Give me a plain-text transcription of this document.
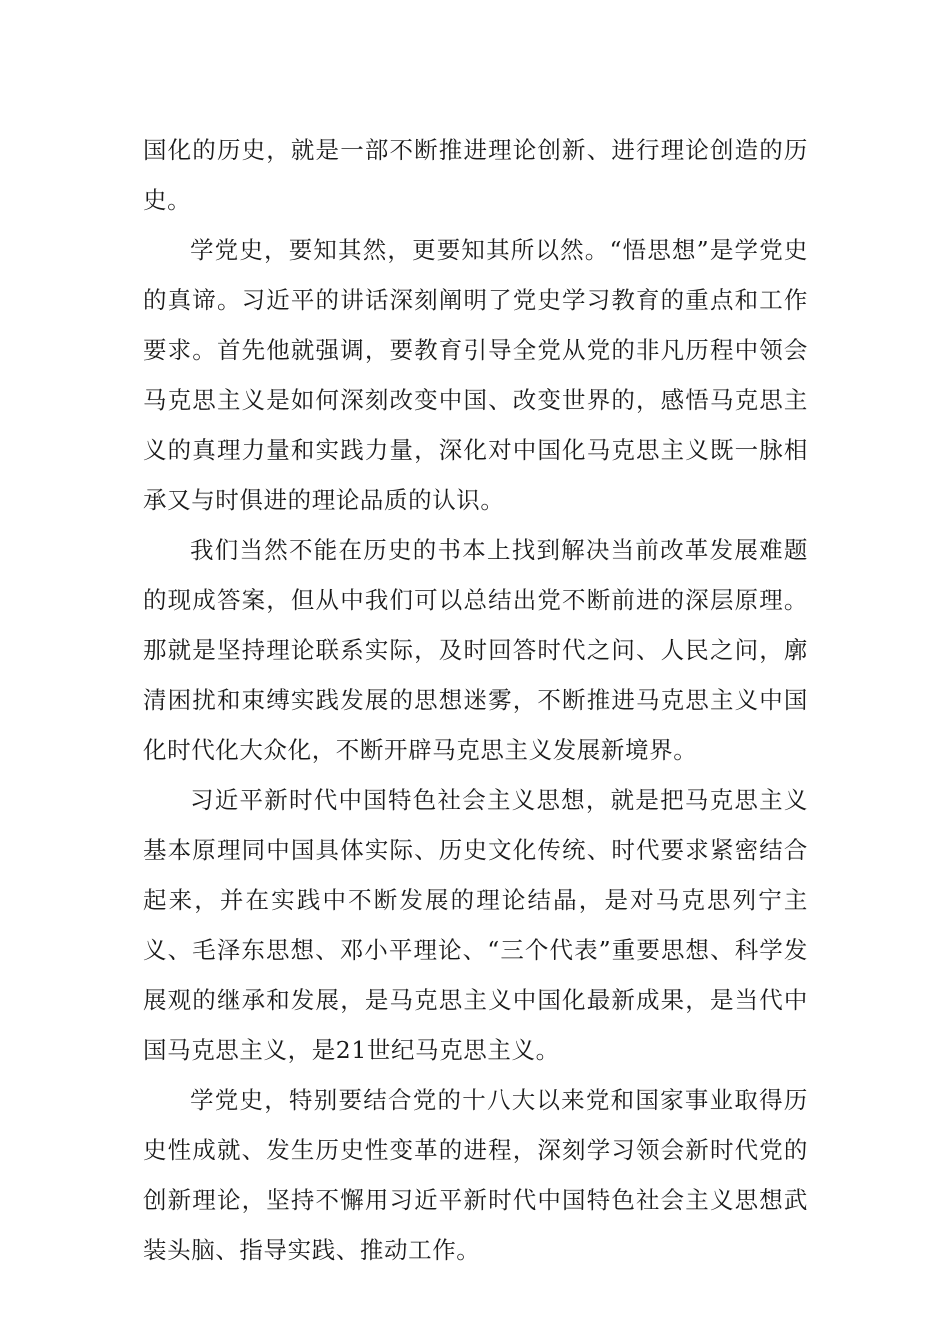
国化的历史，就是一部不断推进理论创新、进行理论创造的历史。

学党史，要知其然，更要知其所以然。“悟思想”是学党史的真谛。习近平的讲话深刻阐明了党史学习教育的重点和工作要求。首先他就强调，要教育引导全党从党的非凡历程中领会马克思主义是如何深刻改变中国、改变世界的，感悟马克思主义的真理力量和实践力量，深化对中国化马克思主义既一脉相承又与时俱进的理论品质的认识。

我们当然不能在历史的书本上找到解决当前改革发展难题的现成答案，但从中我们可以总结出党不断前进的深层原理。那就是坚持理论联系实际，及时回答时代之问、人民之问，廓清困扰和束缚实践发展的思想迷雾，不断推进马克思主义中国化时代化大众化，不断开辟马克思主义发展新境界。

习近平新时代中国特色社会主义思想，就是把马克思主义基本原理同中国具体实际、历史文化传统、时代要求紧密结合起来，并在实践中不断发展的理论结晶，是对马克思列宁主义、毛泽东思想、邓小平理论、“三个代表”重要思想、科学发展观的继承和发展，是马克思主义中国化最新成果，是当代中国马克思主义，是21世纪马克思主义。

学党史，特别要结合党的十八大以来党和国家事业取得历史性成就、发生历史性变革的进程，深刻学习领会新时代党的创新理论，坚持不懈用习近平新时代中国特色社会主义思想武装头脑、指导实践、推动工作。
